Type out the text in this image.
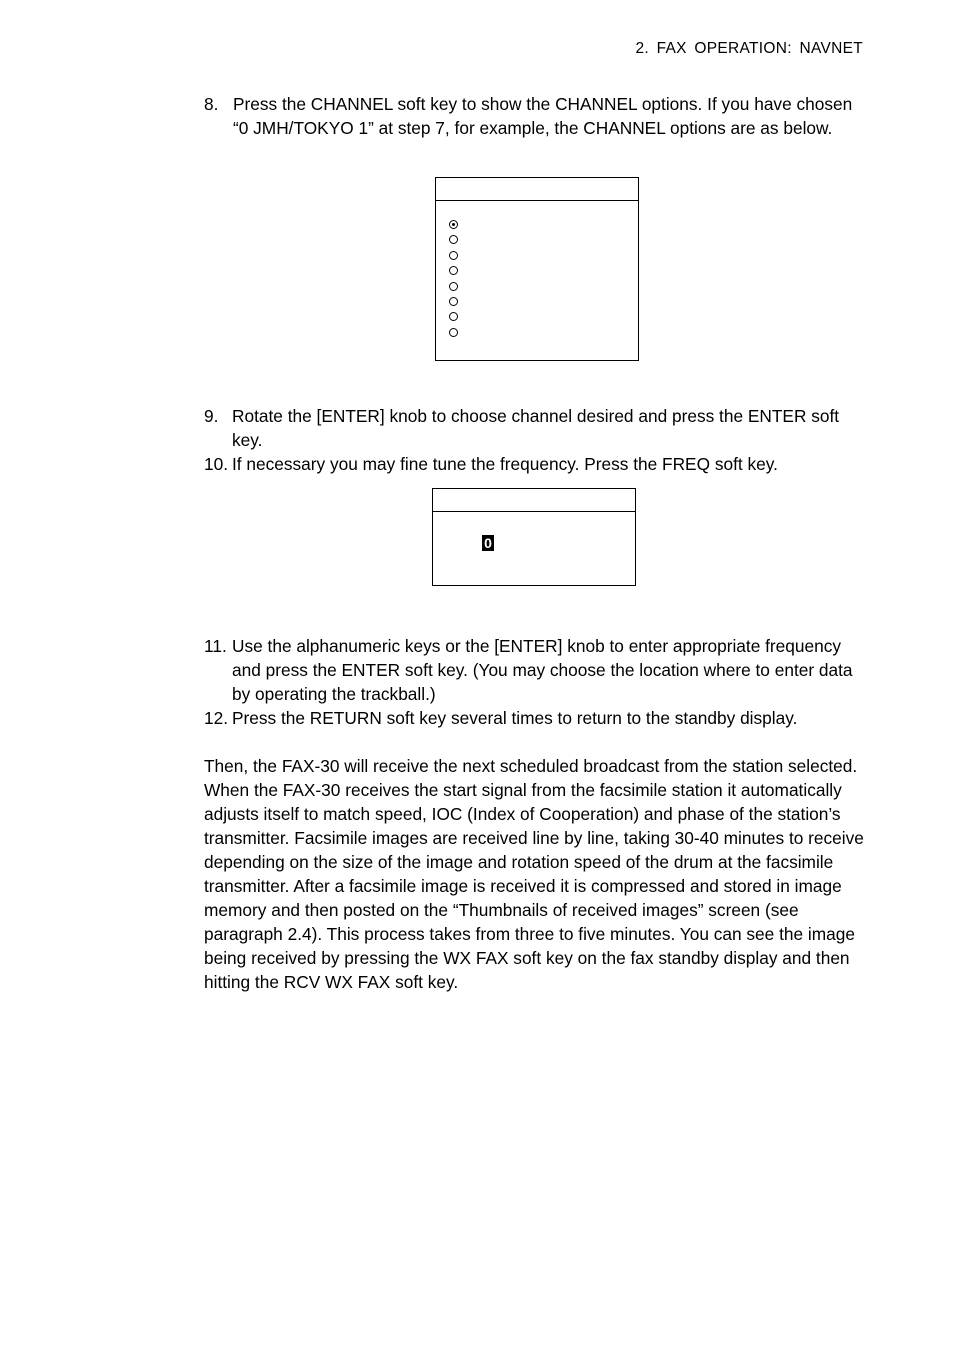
2. FAX OPERATION: NAVNET
8. Press the CHANNEL soft key to show the CHANNEL options. If you have chosen “0 JMH/TOKYO 1” at step 7, for example, the CHANNEL options are as below.
9. Rotate the [ENTER] knob to choose channel desired and press the ENTER soft key.
10. If necessary you may fine tune the frequency. Press the FREQ soft key.
0
11. Use the alphanumeric keys or the [ENTER] knob to enter appropriate frequency and press the ENTER soft key. (You may choose the location where to enter data by operating the trackball.)
12. Press the RETURN soft key several times to return to the standby display.
Then, the FAX-30 will receive the next scheduled broadcast from the station selected. When the FAX-30 receives the start signal from the facsimile station it automatically adjusts itself to match speed, IOC (Index of Cooperation) and phase of the station’s transmitter. Facsimile images are received line by line, taking 30-40 minutes to receive depending on the size of the image and rotation speed of the drum at the facsimile transmitter. After a facsimile image is received it is compressed and stored in image memory and then posted on the “Thumbnails of received images” screen (see paragraph 2.4). This process takes from three to five minutes. You can see the image being received by pressing the WX FAX soft key on the fax standby display and then hitting the RCV WX FAX soft key.
